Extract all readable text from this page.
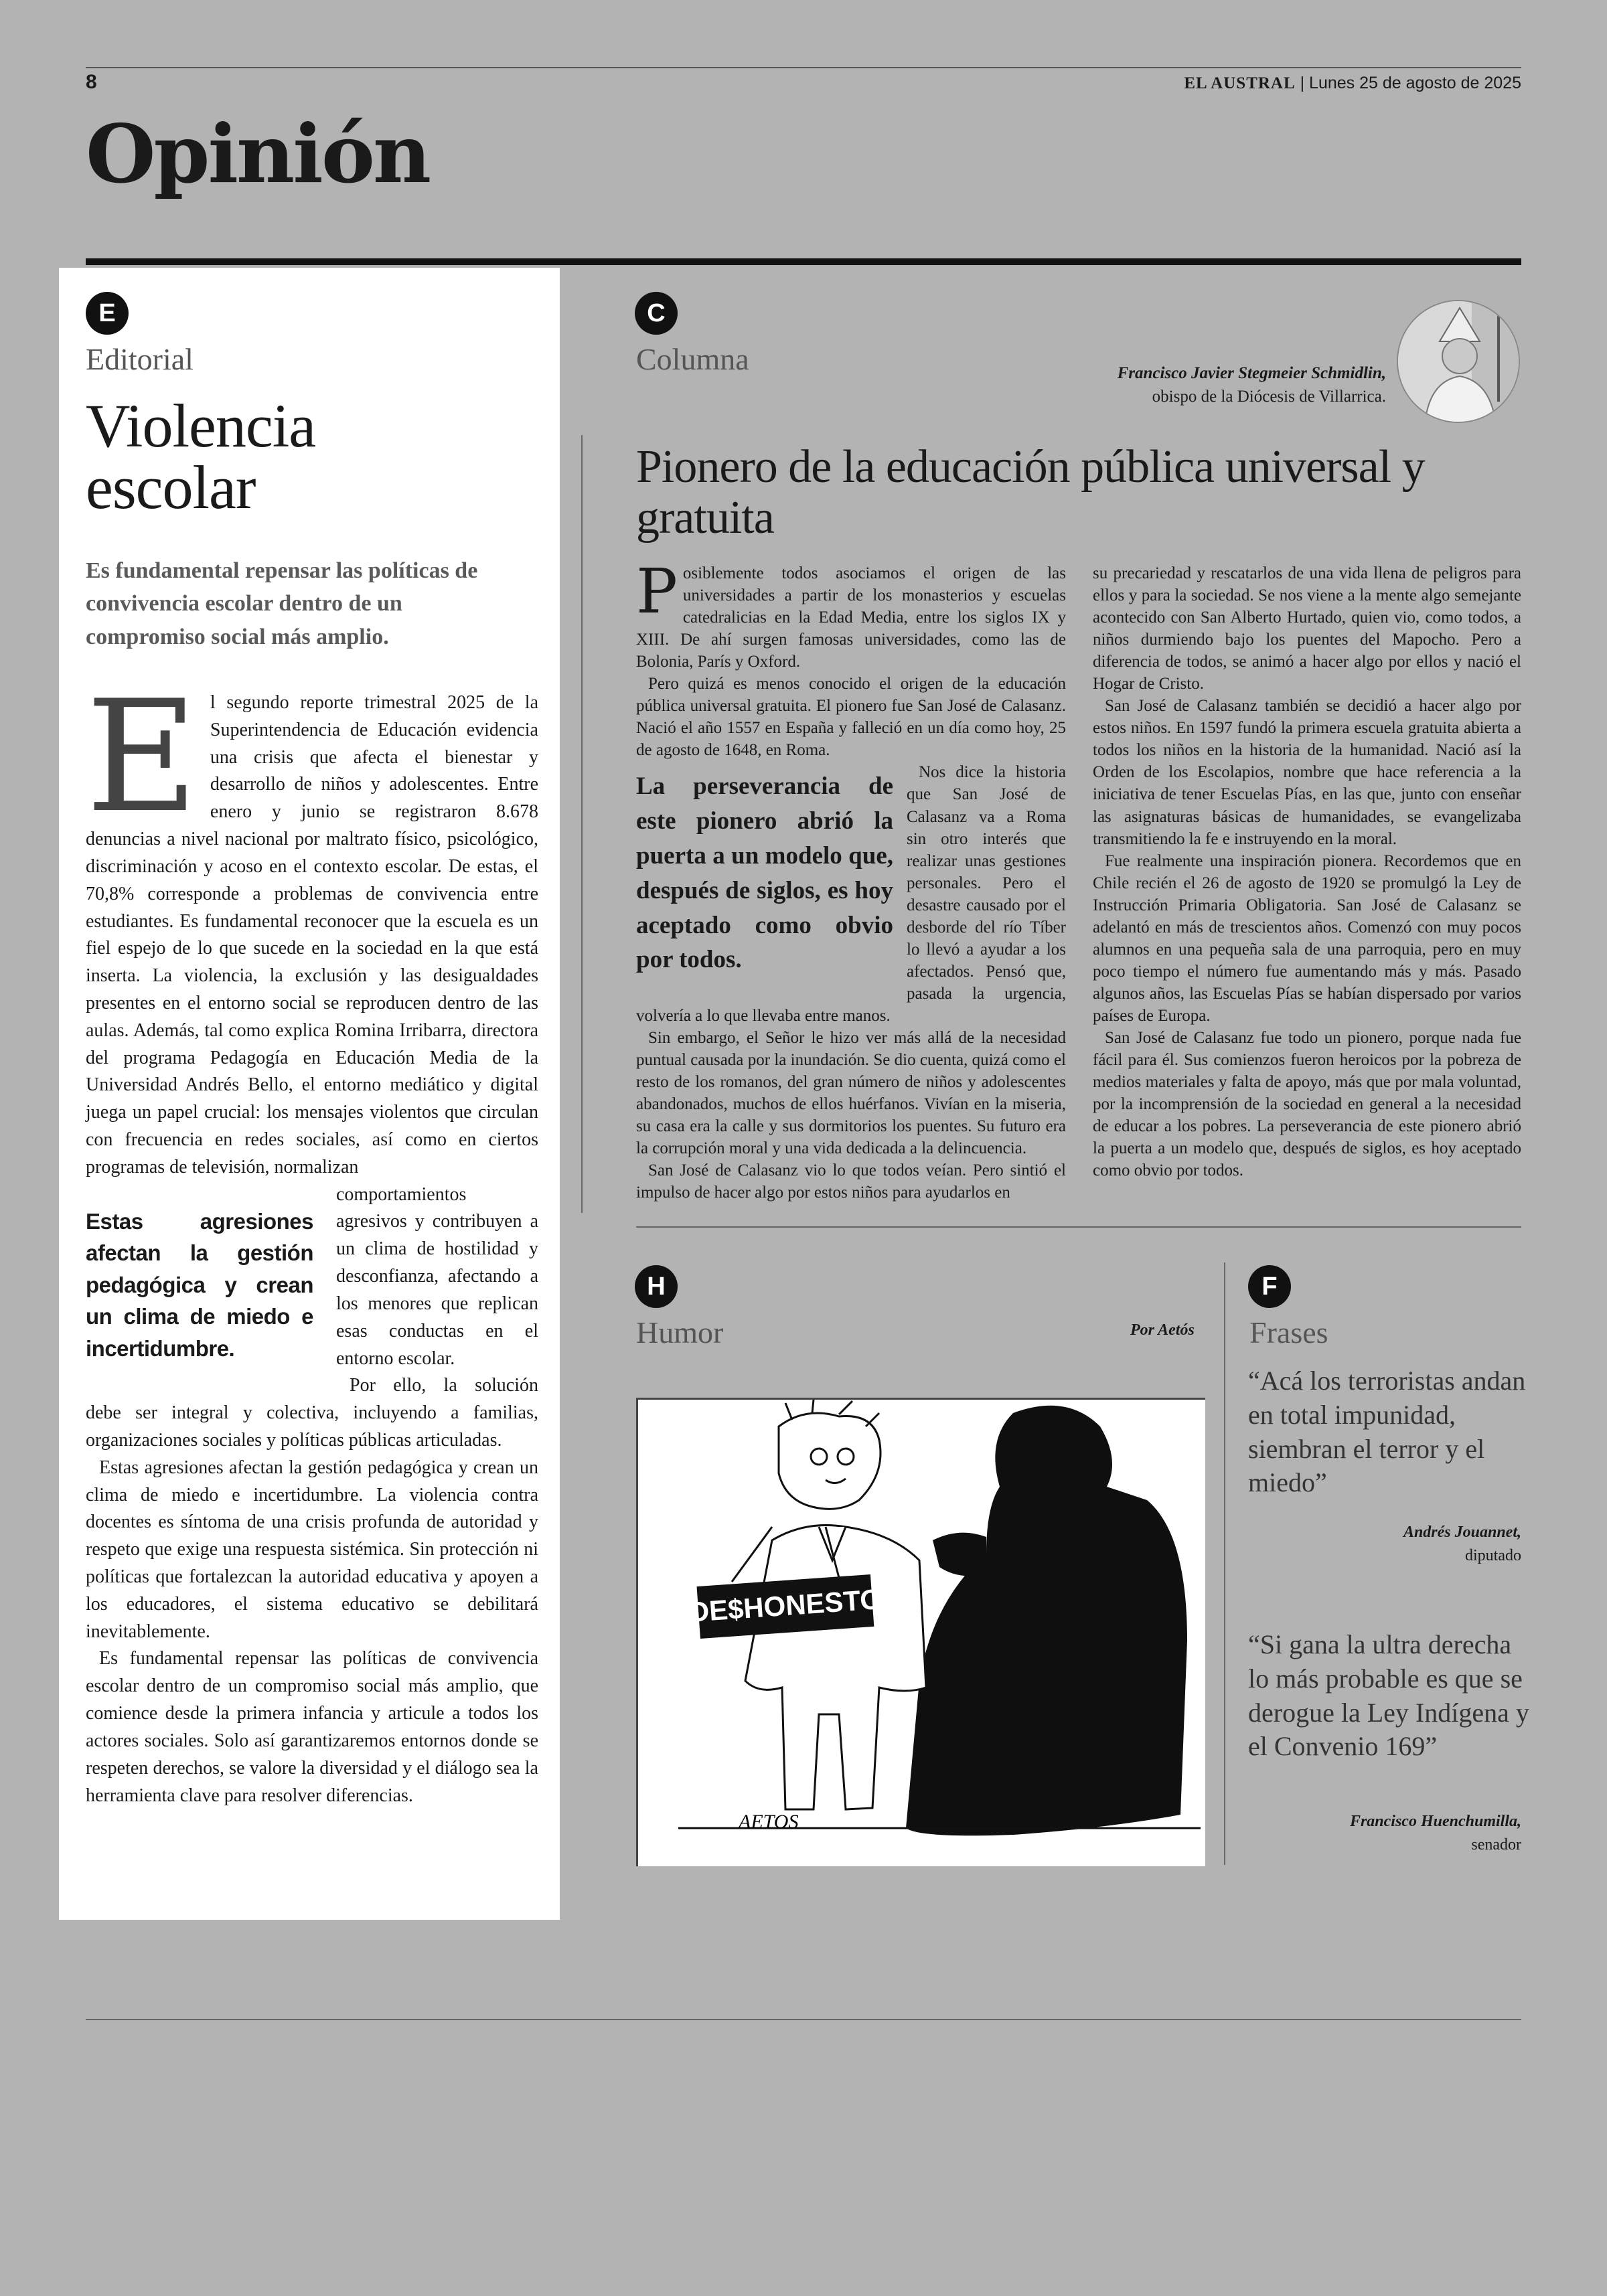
8	EL AUSTRAL | Lunes 25 de agosto de 2025
Opinión
E
Editorial
Violencia
escolar
Es fundamental repensar las políticas de convivencia escolar dentro de un compromiso social más amplio.
E l segundo reporte trimestral 2025 de la Superintendencia de Educación evidencia una crisis que afecta el bienestar y desarrollo de niños y adolescentes. Entre enero y junio se registraron 8.678 denuncias a nivel nacional por maltrato físico, psicológico, discriminación y acoso en el contexto escolar. De estas, el 70,8% corresponde a problemas de convivencia entre estudiantes. Es fundamental reconocer que la escuela es un fiel espejo de lo que sucede en la sociedad en la que está inserta. La violencia, la exclusión y las desigualdades presentes en el entorno social se reproducen dentro de las aulas. Además, tal como explica Romina Irribarra, directora del programa Pedagogía en Educación Media de la Universidad Andrés Bello, el entorno mediático y digital juega un papel crucial: los mensajes violentos que circulan con frecuencia en redes sociales, así como en ciertos programas de televisión, normalizan

Estas agresiones afectan la gestión pedagógica y crean un clima de miedo e incertidumbre.

comportamientos agresivos y contribuyen a un clima de hostilidad y desconfianza, afectando a los menores que replican esas conductas en el entorno escolar.

Por ello, la solución debe ser integral y colectiva, incluyendo a familias, organizaciones sociales y políticas públicas articuladas.

Estas agresiones afectan la gestión pedagógica y crean un clima de miedo e incertidumbre. La violencia contra docentes es síntoma de una crisis profunda de autoridad y respeto que exige una respuesta sistémica. Sin protección ni políticas que fortalezcan la autoridad educativa y apoyen a los educadores, el sistema educativo se debilitará inevitablemente.

Es fundamental repensar las políticas de convivencia escolar dentro de un compromiso social más amplio, que comience desde la primera infancia y articule a todos los actores sociales. Solo así garantizaremos entornos donde se respeten derechos, se valore la diversidad y el diálogo sea la herramienta clave para resolver diferencias.

C
Columna	Francisco Javier Stegmeier Schmidlin,
obispo de la Diócesis de Villarrica.
Pionero de la educación pública universal y gratuita
P osiblemente todos asociamos el origen de las universidades a partir de los monasterios y escuelas catedralicias en la Edad Media, entre los siglos IX y XIII. De ahí surgen famosas universidades, como las de Bolonia, París y Oxford.

Pero quizá es menos conocido el origen de la educación pública universal gratuita. El pionero fue San José de Calasanz. Nació el año 1557 en España y falleció en un día como hoy, 25 de agosto de 1648, en Roma.
La perseverancia de este pionero abrió la puerta a un modelo que, después de siglos, es hoy aceptado como obvio por todos.

Nos dice la historia que San José de Calasanz va a Roma sin otro interés que realizar unas gestiones personales. Pero el desastre causado por el desborde del río Tíber lo llevó a ayudar a los afectados. Pensó que, pasada la urgencia, volvería a lo que llevaba entre manos.

Sin embargo, el Señor le hizo ver más allá de la necesidad puntual causada por la inundación. Se dio cuenta, quizá como el resto de los romanos, del gran número de niños y adolescentes abandonados, muchos de ellos huérfanos. Vivían en la miseria, su casa era la calle y sus dormitorios los puentes. Su futuro era la corrupción moral y una vida dedicada a la delincuencia.

San José de Calasanz vio lo que todos veían. Pero sintió el impulso de hacer algo por estos niños para ayudarlos en

su precariedad y rescatarlos de una vida llena de peligros para ellos y para la sociedad. Se nos viene a la mente algo semejante acontecido con San Alberto Hurtado, quien vio, como todos, a niños durmiendo bajo los puentes del Mapocho. Pero a diferencia de todos, se animó a hacer algo por ellos y nació el Hogar de Cristo.

San José de Calasanz también se decidió a hacer algo por estos niños. En 1597 fundó la primera escuela gratuita abierta a todos los niños en la historia de la humanidad. Nació así la Orden de los Escolapios, nombre que hace referencia a la iniciativa de tener Escuelas Pías, en las que, junto con enseñar las asignaturas básicas de humanidades, se evangelizaba transmitiendo la fe e instruyendo en la moral.

Fue realmente una inspiración pionera. Recordemos que en Chile recién el 26 de agosto de 1920 se promulgó la Ley de Instrucción Primaria Obligatoria. San José de Calasanz se adelantó en más de trescientos años. Comenzó con muy pocos alumnos en una pequeña sala de una parroquia, pero en muy poco tiempo el número fue aumentando más y más. Pasado algunos años, las Escuelas Pías se habían dispersado por varios países de Europa.

San José de Calasanz fue todo un pionero, porque nada fue fácil para él. Sus comienzos fueron heroicos por la pobreza de medios materiales y falta de apoyo, más que por mala voluntad, por la incomprensión de la sociedad en general a la necesidad de educar a los pobres. La perseverancia de este pionero abrió la puerta a un modelo que, después de siglos, es hoy aceptado como obvio por todos.

H
Humor	Por Aetós
DE$HONESTO
AETOS
F
Frases
“Acá los terroristas andan en total impunidad, siembran el terror y el miedo”
Andrés Jouannet,
diputado
“Si gana la ultra derecha lo más probable es que se derogue la Ley Indígena y el Convenio 169”
Francisco Huenchumilla,
senador
